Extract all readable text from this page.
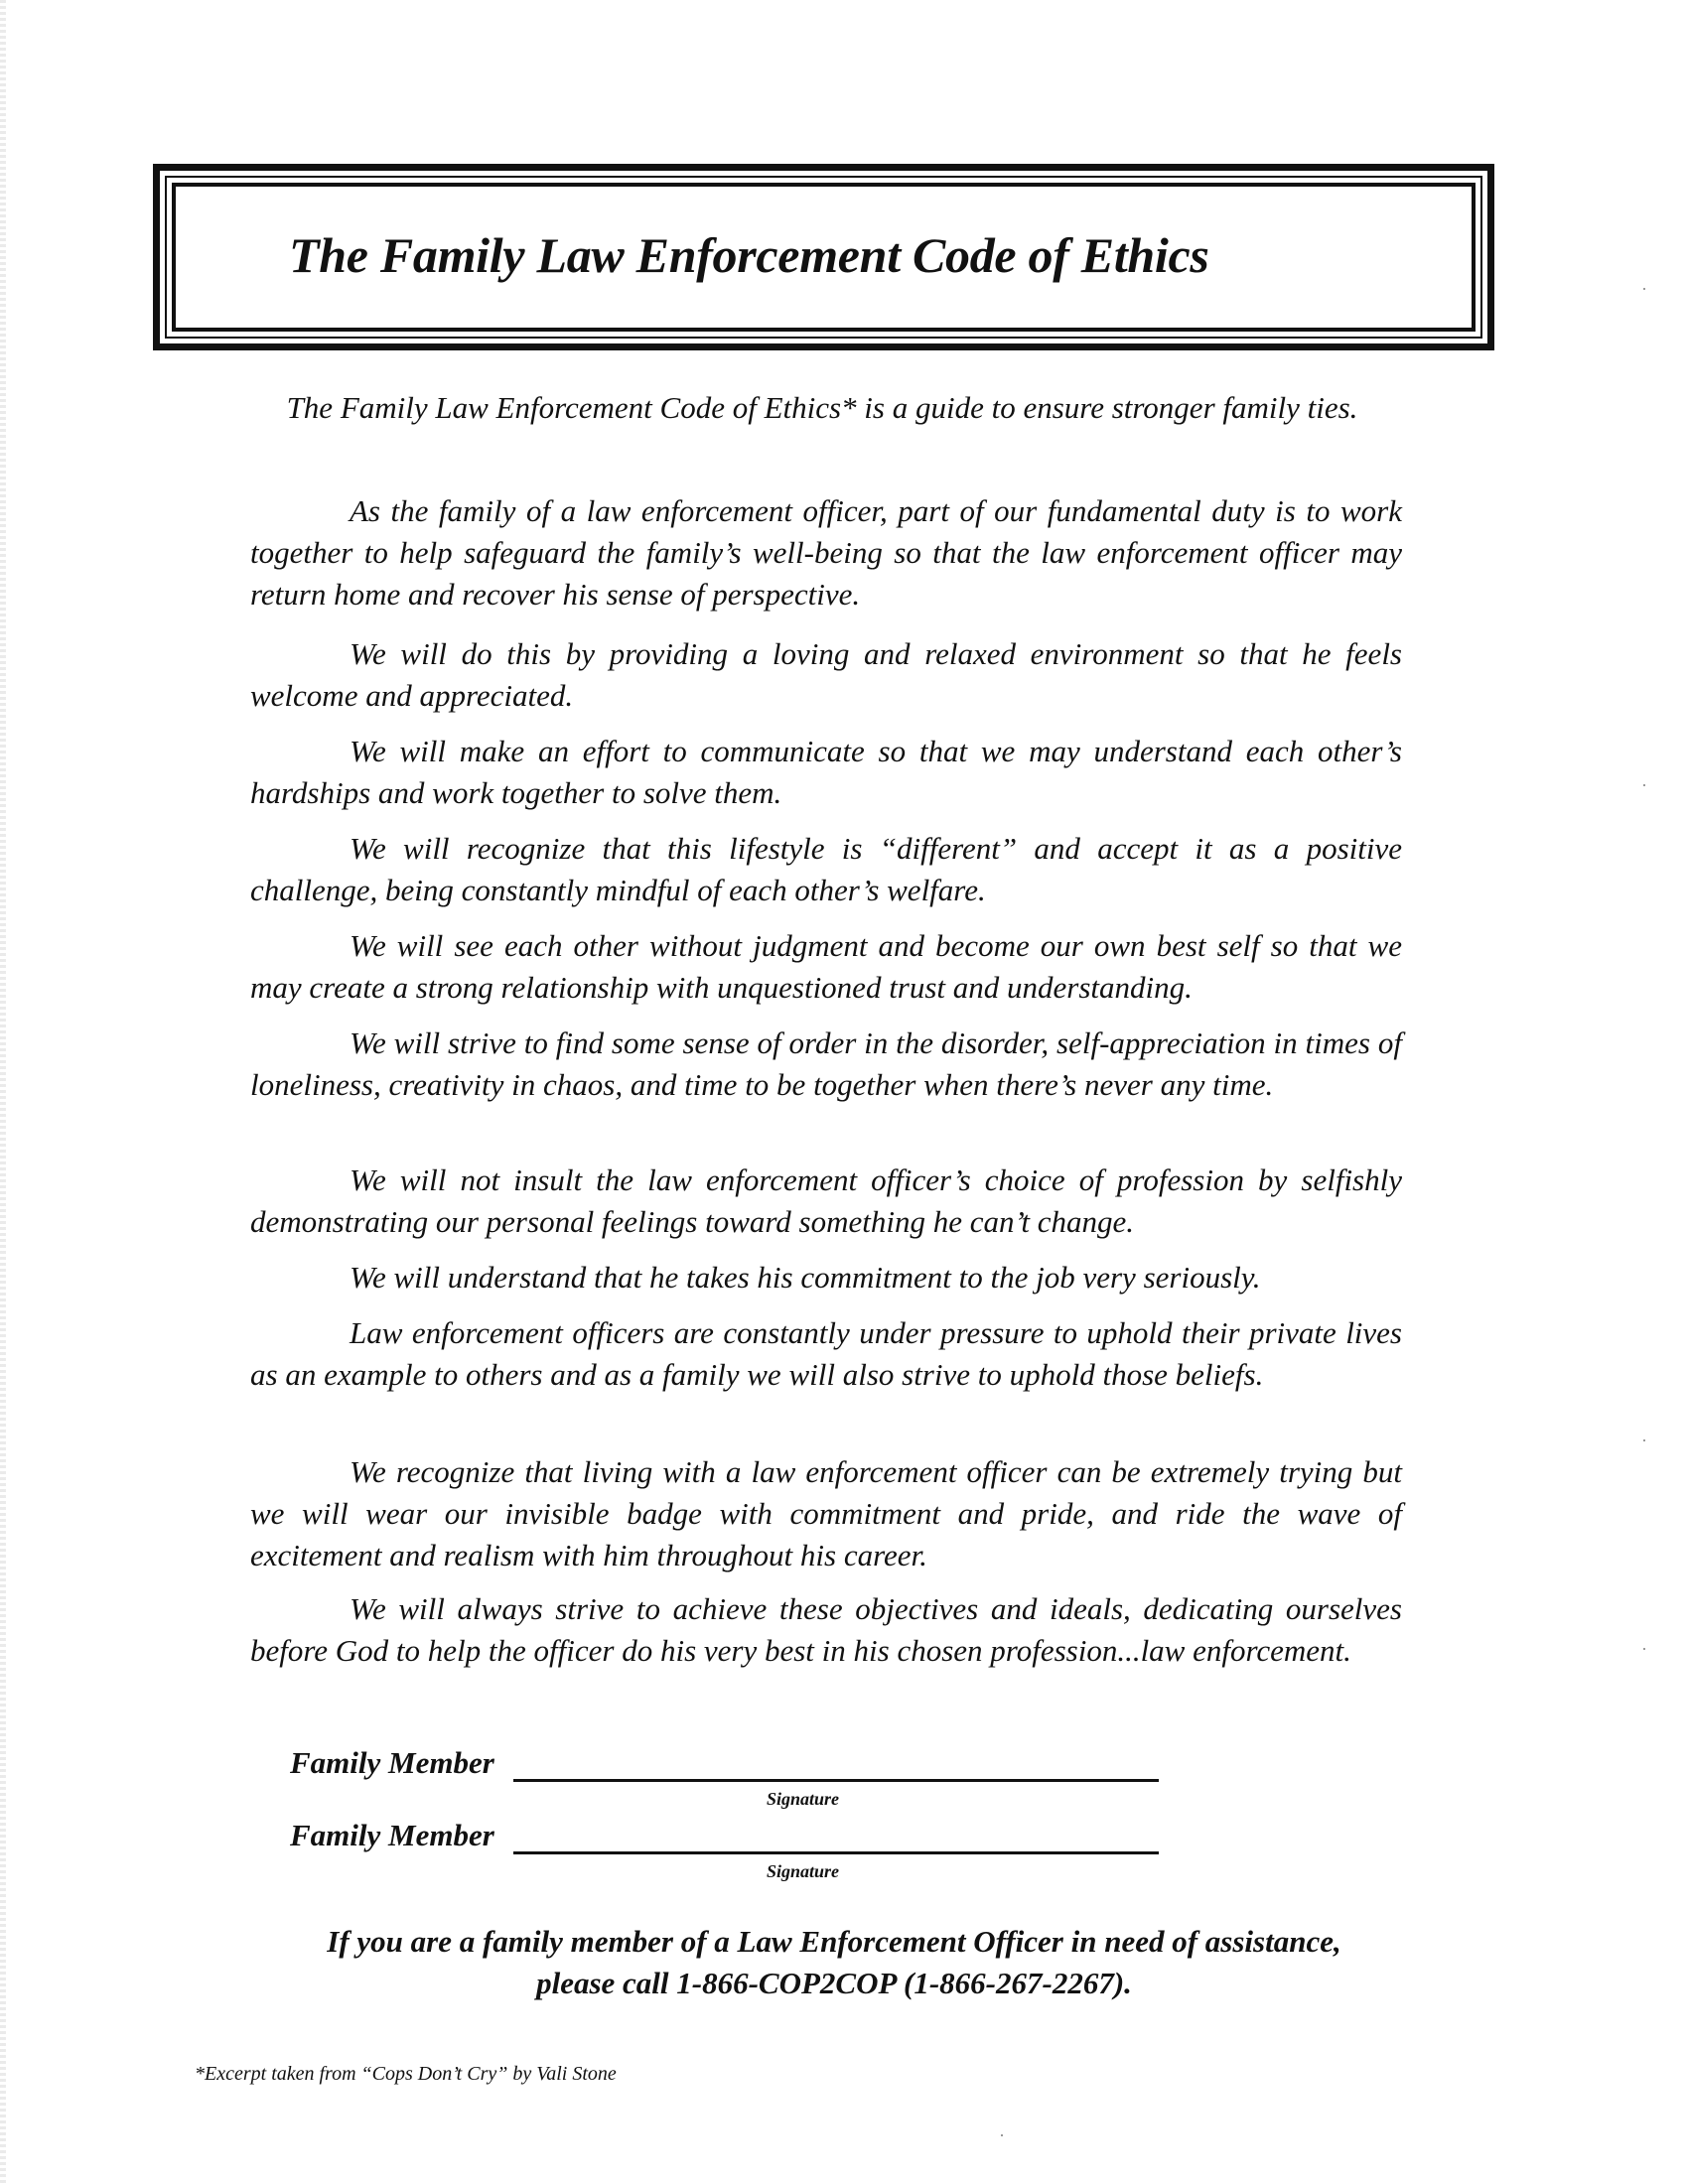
The Family Law Enforcement Code of Ethics
The Family Law Enforcement Code of Ethics* is a guide to ensure stronger family ties.
As the family of a law enforcement officer, part of our fundamental duty is to work together to help safeguard the family’s well-being so that the law enforcement officer may return home and recover his sense of perspective.
We will do this by providing a loving and relaxed environment so that he feels welcome and appreciated.
We will make an effort to communicate so that we may understand each other’s hardships and work together to solve them.
We will recognize that this lifestyle is “different” and accept it as a positive challenge, being constantly mindful of each other’s welfare.
We will see each other without judgment and become our own best self so that we may create a strong relationship with unquestioned trust and understanding.
We will strive to find some sense of order in the disorder, self-appreciation in times of loneliness, creativity in chaos, and time to be together when there’s never any time.
We will not insult the law enforcement officer’s choice of profession by selfishly demonstrating our personal feelings toward something he can’t change.
We will understand that he takes his commitment to the job very seriously.
Law enforcement officers are constantly under pressure to uphold their private lives as an example to others and as a family we will also strive to uphold those beliefs.
We recognize that living with a law enforcement officer can be extremely trying but we will wear our invisible badge with commitment and pride, and ride the wave of excitement and realism with him throughout his career.
We will always strive to achieve these objectives and ideals, dedicating ourselves before God to help the officer do his very best in his chosen profession...law enforcement.
Family Member
Signature
Family Member
Signature
If you are a family member of a Law Enforcement Officer in need of assistance,
please call 1-866-COP2COP (1-866-267-2267).
*Excerpt taken from “Cops Don’t Cry” by Vali Stone
